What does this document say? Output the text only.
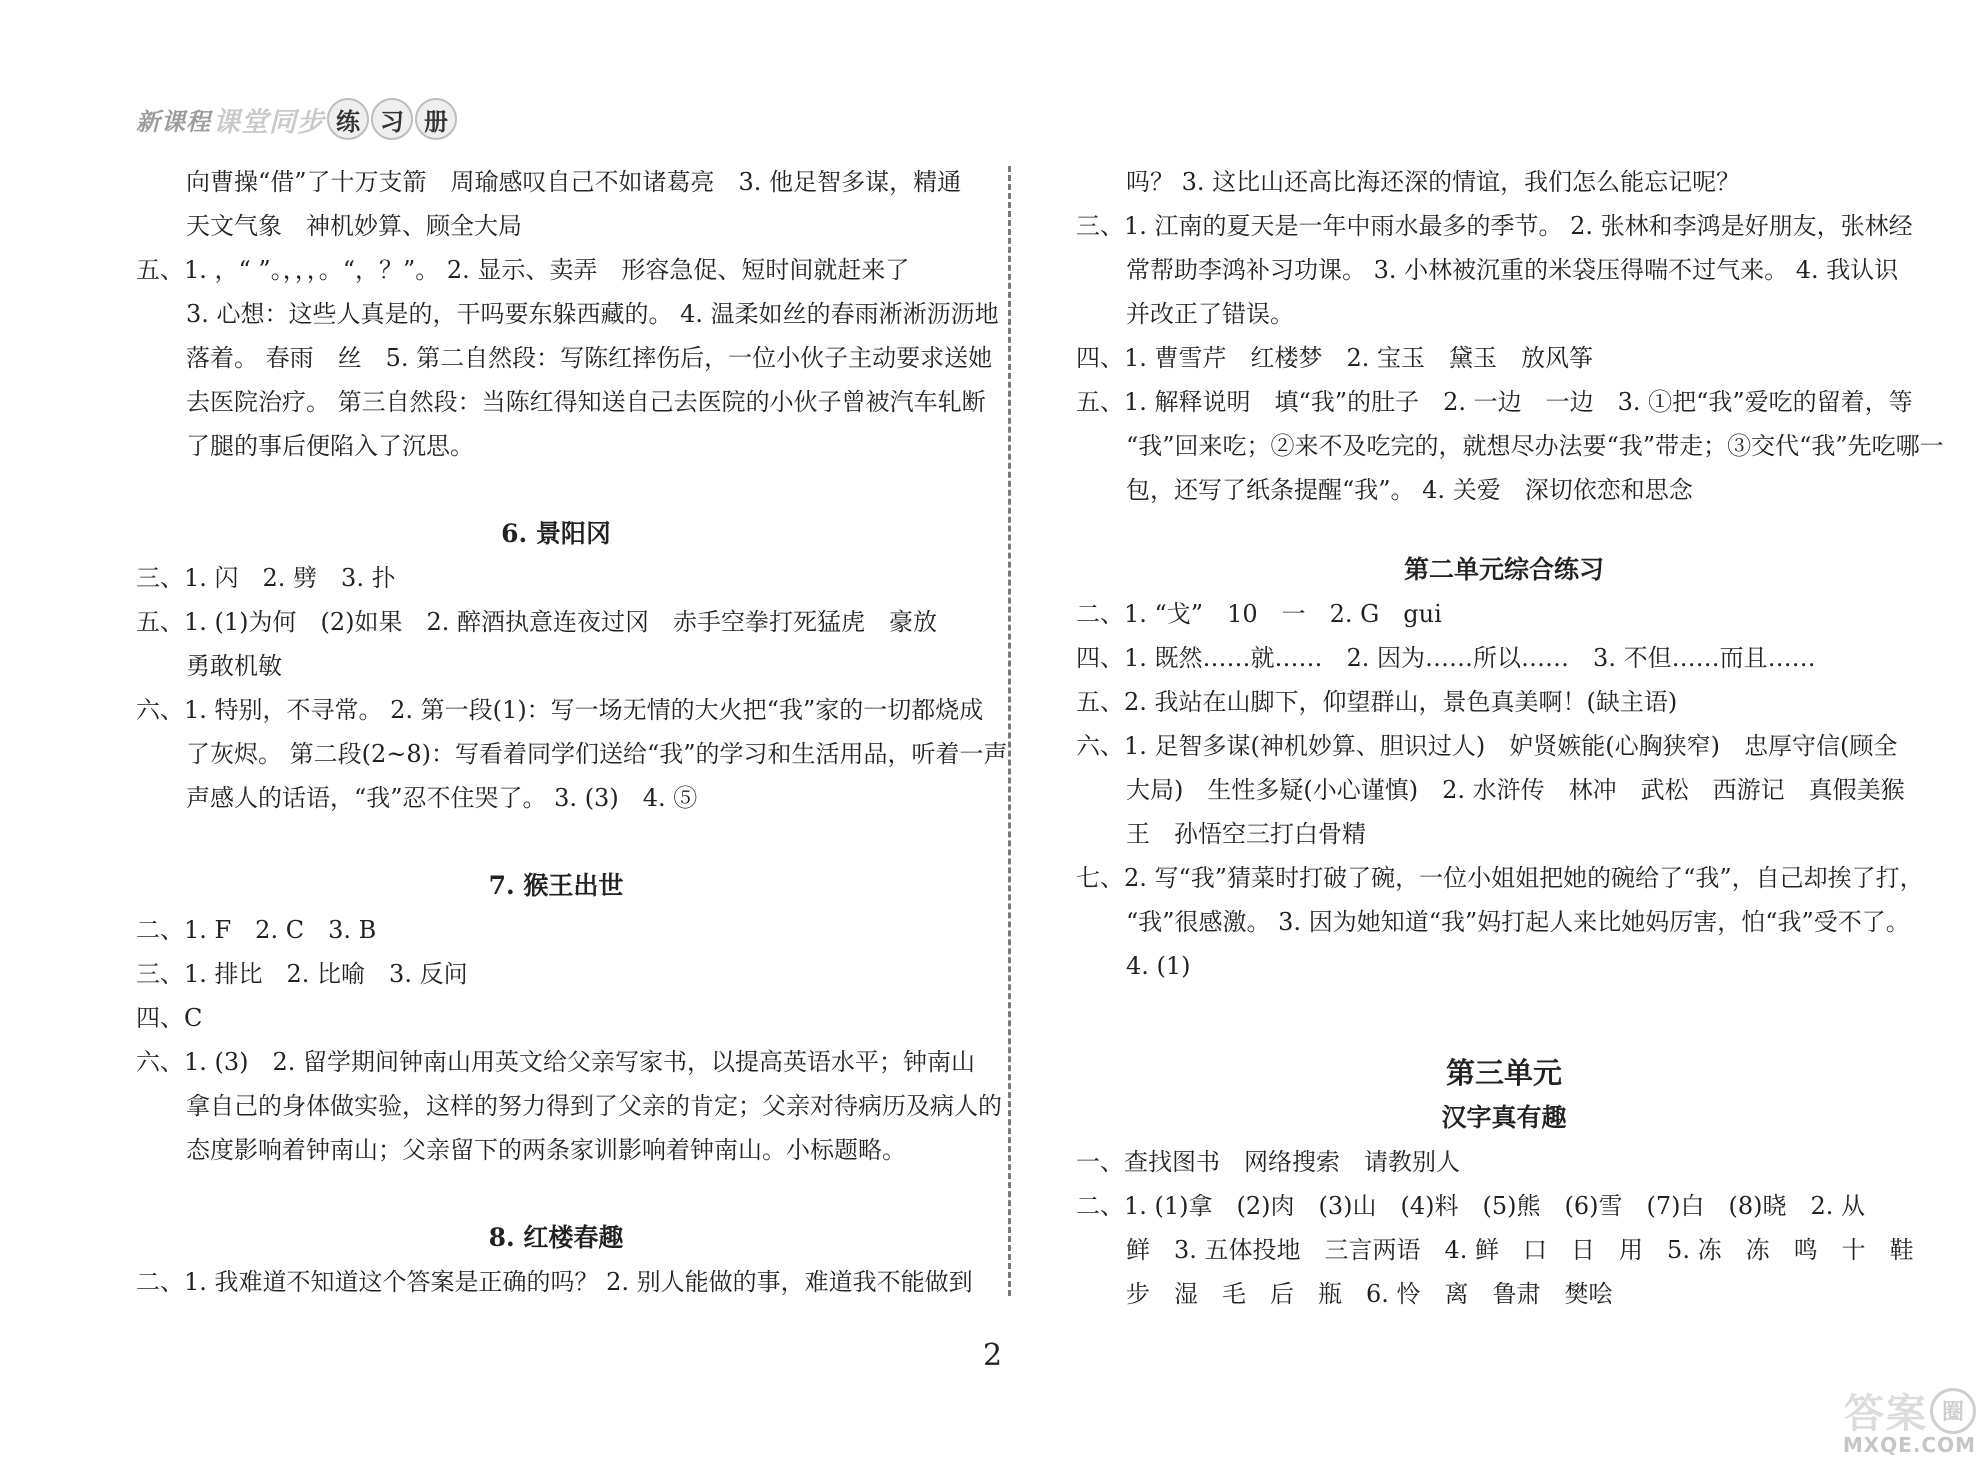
新课程 课堂同步 练 习 册
向曹操“借”了十万支箭　周瑜感叹自己不如诸葛亮　3. 他足智多谋，精通
天文气象　神机妙算、顾全大局
五、1. ，“ ”。，，，。“，？”。 2. 显示、卖弄　形容急促、短时间就赶来了
3. 心想：这些人真是的，干吗要东躲西藏的。 4. 温柔如丝的春雨淅淅沥沥地
落着。 春雨　丝　5. 第二自然段：写陈红摔伤后，一位小伙子主动要求送她
去医院治疗。 第三自然段：当陈红得知送自己去医院的小伙子曾被汽车轧断
了腿的事后便陷入了沉思。
6. 景阳冈
三、1. 闪　2. 劈　3. 扑
五、1. (1)为何　(2)如果　2. 醉酒执意连夜过冈　赤手空拳打死猛虎　豪放
勇敢机敏
六、1. 特别，不寻常。 2. 第一段(1)：写一场无情的大火把“我”家的一切都烧成
了灰烬。 第二段(2~8)：写看着同学们送给“我”的学习和生活用品，听着一声
声感人的话语，“我”忍不住哭了。 3. (3)　4. ⑤
7. 猴王出世
二、1. F　2. C　3. B
三、1. 排比　2. 比喻　3. 反问
四、C
六、1. (3)　2. 留学期间钟南山用英文给父亲写家书，以提高英语水平；钟南山
拿自己的身体做实验，这样的努力得到了父亲的肯定；父亲对待病历及病人的
态度影响着钟南山；父亲留下的两条家训影响着钟南山。小标题略。
8. 红楼春趣
二、1. 我难道不知道这个答案是正确的吗？ 2. 别人能做的事，难道我不能做到
吗？ 3. 这比山还高比海还深的情谊，我们怎么能忘记呢？
三、1. 江南的夏天是一年中雨水最多的季节。 2. 张林和李鸿是好朋友，张林经
常帮助李鸿补习功课。 3. 小林被沉重的米袋压得喘不过气来。 4. 我认识
并改正了错误。
四、1. 曹雪芹　红楼梦　2. 宝玉　黛玉　放风筝
五、1. 解释说明　填“我”的肚子　2. 一边　一边　3. ①把“我”爱吃的留着，等
“我”回来吃；②来不及吃完的，就想尽办法要“我”带走；③交代“我”先吃哪一
包，还写了纸条提醒“我”。 4. 关爱　深切依恋和思念
第二单元综合练习
二、1. “戈”　10　一　2. G　gui
四、1. 既然……就……　2. 因为……所以……　3. 不但……而且……
五、2. 我站在山脚下，仰望群山，景色真美啊！(缺主语)
六、1. 足智多谋(神机妙算、胆识过人)　妒贤嫉能(心胸狭窄)　忠厚守信(顾全
大局)　生性多疑(小心谨慎)　2. 水浒传　林冲　武松　西游记　真假美猴
王　孙悟空三打白骨精
七、2. 写“我”猜菜时打破了碗，一位小姐姐把她的碗给了“我”，自己却挨了打，
“我”很感激。 3. 因为她知道“我”妈打起人来比她妈厉害，怕“我”受不了。
4. (1)
第三单元
汉字真有趣
一、查找图书　网络搜索　请教别人
二、1. (1)拿　(2)肉　(3)山　(4)料　(5)熊　(6)雪　(7)白　(8)晓　2. 从
鲜　3. 五体投地　三言两语　4. 鲜　口　日　用　5. 冻　冻　鸣　十　鞋
步　湿　毛　后　瓶　6. 怜　离　鲁肃　樊哙
2
答案 圈
MXQE.COM
